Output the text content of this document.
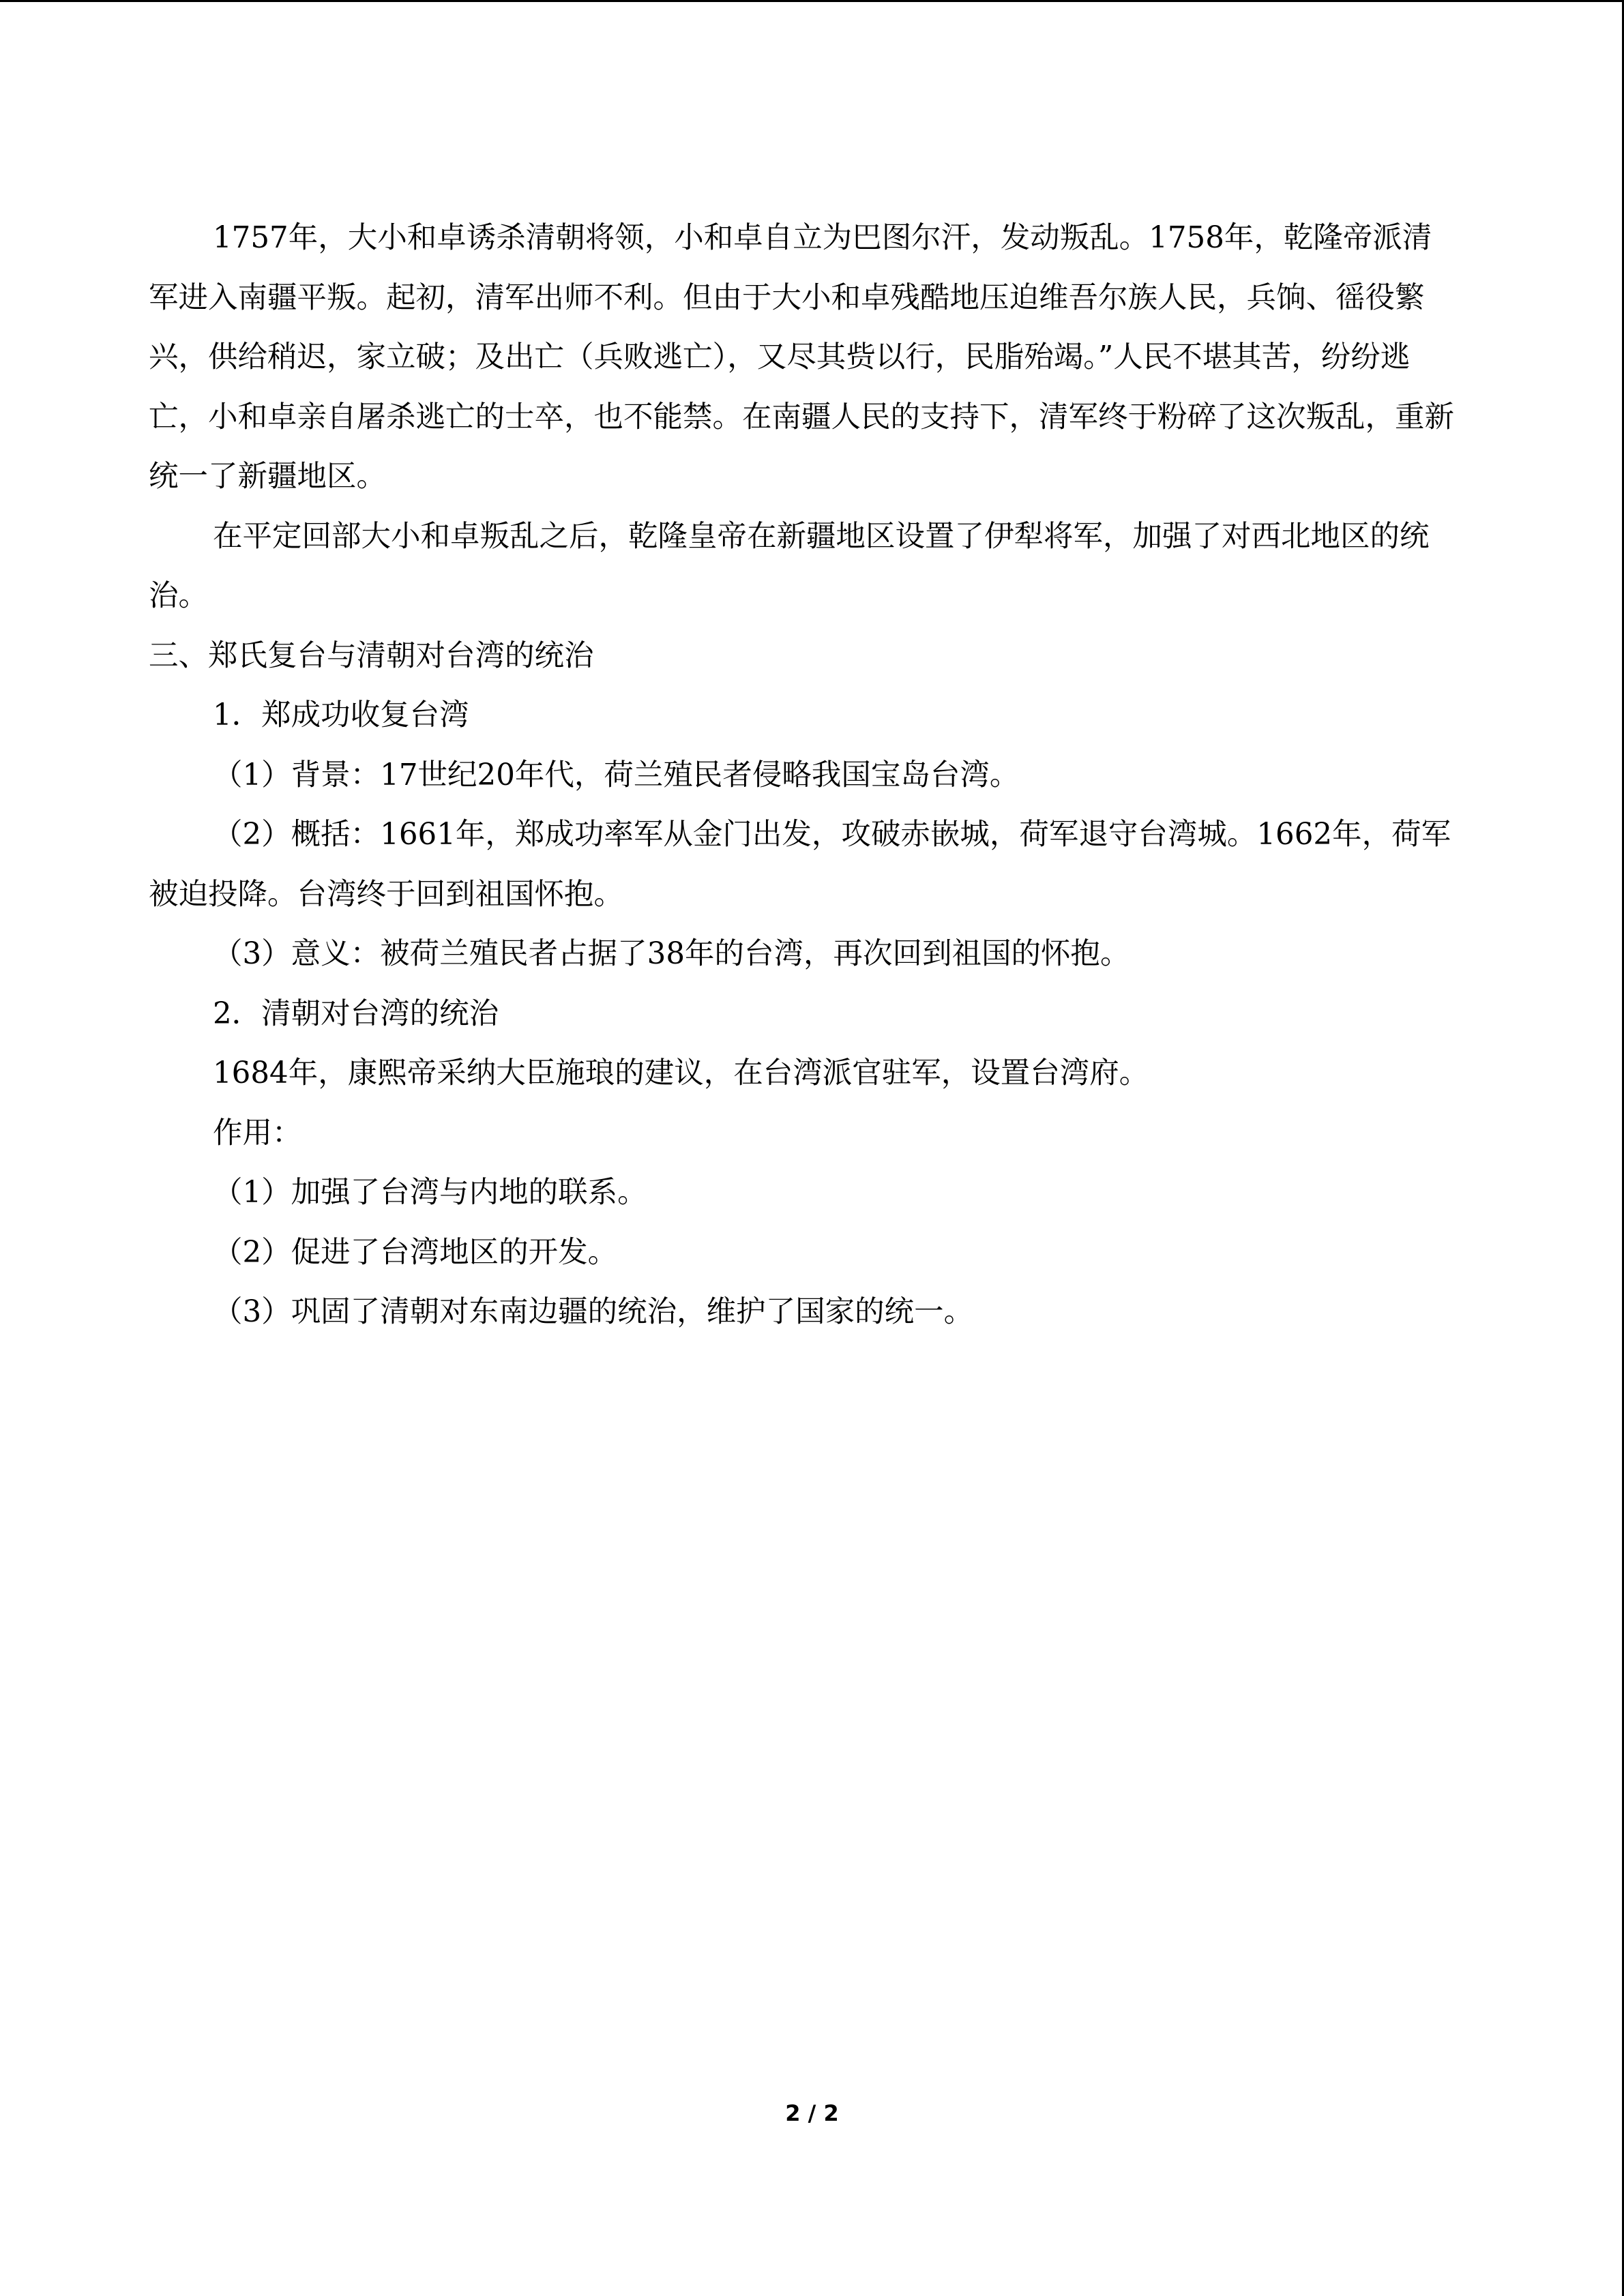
1757年，大小和卓诱杀清朝将领，小和卓自立为巴图尔汗，发动叛乱。1758年，乾隆帝派清军进入南疆平叛。起初，清军出师不利。但由于大小和卓残酷地压迫维吾尔族人民，兵饷、徭役繁兴，供给稍迟，家立破；及出亡（兵败逃亡），又尽其赀以行，民脂殆竭。”人民不堪其苦，纷纷逃亡，小和卓亲自屠杀逃亡的士卒，也不能禁。在南疆人民的支持下，清军终于粉碎了这次叛乱，重新统一了新疆地区。

在平定回部大小和卓叛乱之后，乾隆皇帝在新疆地区设置了伊犁将军，加强了对西北地区的统治。

三、郑氏复台与清朝对台湾的统治

1．郑成功收复台湾

（1）背景：17世纪20年代，荷兰殖民者侵略我国宝岛台湾。

（2）概括：1661年，郑成功率军从金门出发，攻破赤嵌城，荷军退守台湾城。1662年，荷军被迫投降。台湾终于回到祖国怀抱。

（3）意义：被荷兰殖民者占据了38年的台湾，再次回到祖国的怀抱。

2．清朝对台湾的统治

1684年，康熙帝采纳大臣施琅的建议，在台湾派官驻军，设置台湾府。

作用：

（1）加强了台湾与内地的联系。

（2）促进了台湾地区的开发。

（3）巩固了清朝对东南边疆的统治，维护了国家的统一。

2 / 2
